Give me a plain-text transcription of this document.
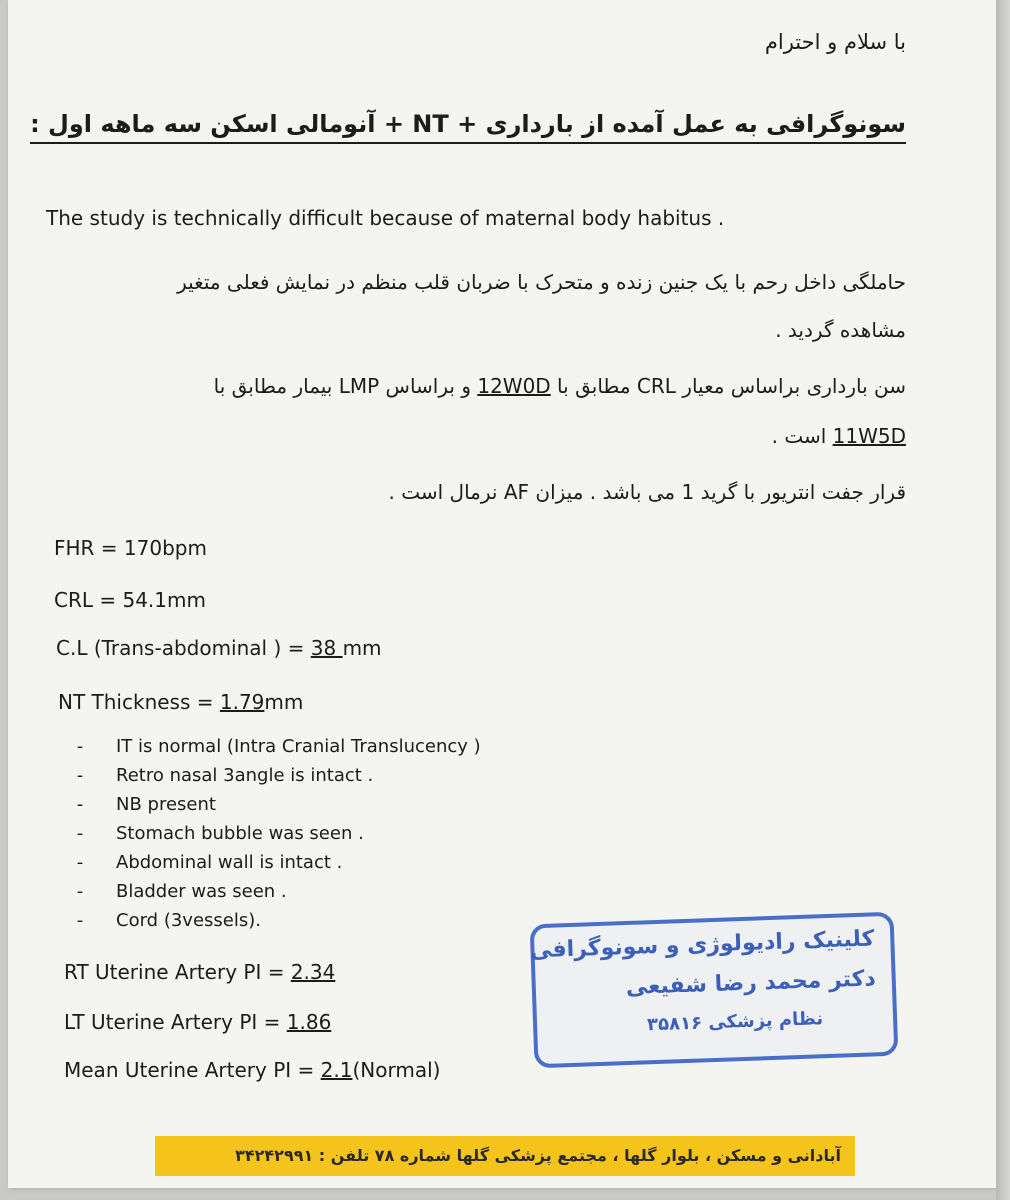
با سلام و احترام
سونوگرافی به عمل آمده از بارداری + NT + آنومالی اسکن سه ماهه اول :
The study is technically difficult because of maternal body habitus .
حاملگی داخل رحم با یک جنین زنده و متحرک با ضربان قلب منظم در نمایش فعلی متغیر
مشاهده گردید .
سن بارداری براساس معیار CRL مطابق با 12W0D و براساس LMP بیمار مطابق با
11W5D است .
قرار جفت انتریور با گرید 1 می باشد . میزان AF نرمال است .
FHR = 170bpm
CRL = 54.1mm
C.L (Trans-abdominal ) = 38 mm
NT Thickness = 1.79mm
-	IT is normal (Intra Cranial Translucency )
-	Retro nasal 3angle is intact .
-	NB present
-	Stomach bubble was seen .
-	Abdominal wall is intact .
-	Bladder was seen .
-	Cord (3vessels).
RT Uterine Artery PI = 2.34
LT Uterine Artery PI = 1.86
Mean Uterine Artery PI = 2.1(Normal)
کلینیک رادیولوژی و سونوگرافی
دکتر محمد رضا شفیعی
نظام پزشکی ۳۵۸۱۶
آبادانی و مسکن ، بلوار گلها ، مجتمع پزشکی گلها شماره ۷۸ تلفن : ۳۴۲۴۲۹۹۱
